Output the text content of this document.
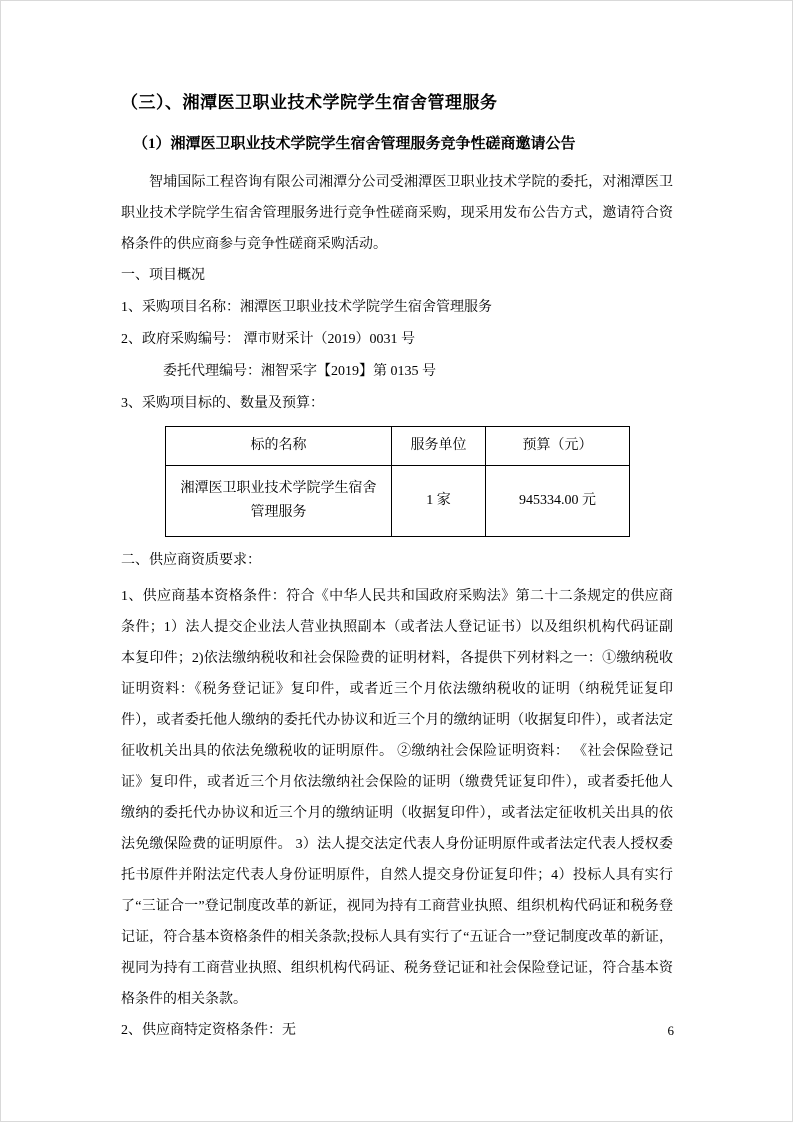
（三）、湘潭医卫职业技术学院学生宿舍管理服务
（1）湘潭医卫职业技术学院学生宿舍管理服务竞争性磋商邀请公告

智埔国际工程咨询有限公司湘潭分公司受湘潭医卫职业技术学院的委托，对湘潭医卫职业技术学院学生宿舍管理服务进行竞争性磋商采购，现采用发布公告方式，邀请符合资格条件的供应商参与竞争性磋商采购活动。

一、项目概况

1、采购项目名称：湘潭医卫职业技术学院学生宿舍管理服务

2、政府采购编号： 潭市财采计（2019）0031 号

委托代理编号：湘智采字【2019】第 0135 号

3、采购项目标的、数量及预算：

标的名称	服务单位	预算（元）
湘潭医卫职业技术学院学生宿舍管理服务	1 家	945334.00 元

二、供应商资质要求：

1、供应商基本资格条件：符合《中华人民共和国政府采购法》第二十二条规定的供应商条件；1）法人提交企业法人营业执照副本（或者法人登记证书）以及组织机构代码证副本复印件；2)依法缴纳税收和社会保险费的证明材料，各提供下列材料之一：①缴纳税收证明资料：《税务登记证》复印件，或者近三个月依法缴纳税收的证明（纳税凭证复印件），或者委托他人缴纳的委托代办协议和近三个月的缴纳证明（收据复印件），或者法定征收机关出具的依法免缴税收的证明原件。 ②缴纳社会保险证明资料： 《社会保险登记证》复印件，或者近三个月依法缴纳社会保险的证明（缴费凭证复印件），或者委托他人缴纳的委托代办协议和近三个月的缴纳证明（收据复印件），或者法定征收机关出具的依法免缴保险费的证明原件。 3）法人提交法定代表人身份证明原件或者法定代表人授权委托书原件并附法定代表人身份证明原件，自然人提交身份证复印件；4）投标人具有实行了“三证合一”登记制度改革的新证，视同为持有工商营业执照、组织机构代码证和税务登记证，符合基本资格条件的相关条款;投标人具有实行了“五证合一”登记制度改革的新证，视同为持有工商营业执照、组织机构代码证、税务登记证和社会保险登记证，符合基本资格条件的相关条款。

2、供应商特定资格条件：无	6
